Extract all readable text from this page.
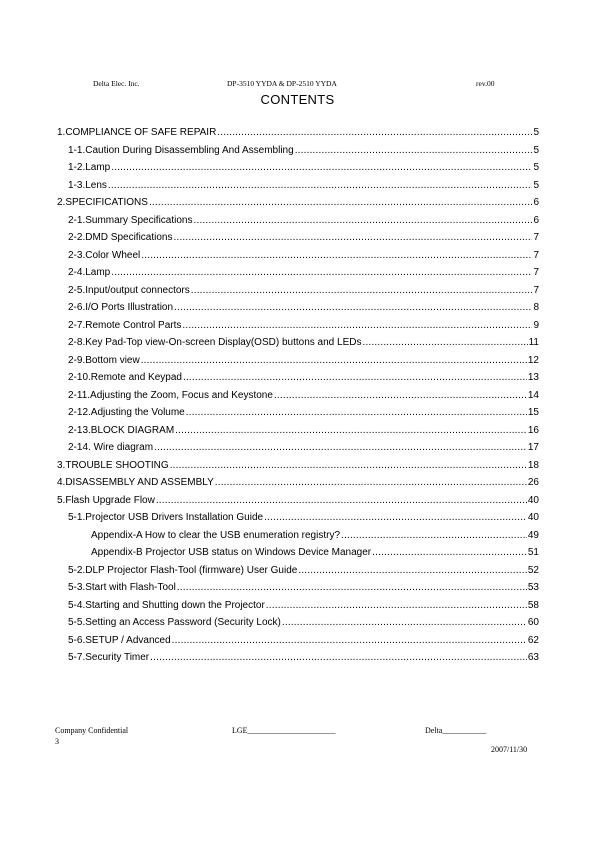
Delta Elec. Inc.	DP-3510 YYDA & DP-2510 YYDA	rev.00
CONTENTS
1.COMPLIANCE OF SAFE REPAIR .....	5
1-1.Caution During Disassembling And Assembling .....	5
1-2.Lamp .....	5
1-3.Lens .....	5
2.SPECIFICATIONS .....	6
2-1.Summary Specifications .....	6
2-2.DMD Specifications .....	7
2-3.Color Wheel .....	7
2-4.Lamp .....	7
2-5.Input/output connectors .....	7
2-6.I/O Ports Illustration .....	8
2-7.Remote Control Parts .....	9
2-8.Key Pad-Top view-On-screen Display(OSD) buttons and LEDs .....	11
2-9.Bottom view .....	12
2-10.Remote and Keypad .....	13
2-11.Adjusting the Zoom, Focus and Keystone .....	14
2-12.Adjusting the Volume .....	15
2-13.BLOCK DIAGRAM .....	16
2-14. Wire diagram .....	17
3.TROUBLE SHOOTING .....	18
4.DISASSEMBLY AND ASSEMBLY .....	26
5.Flash Upgrade Flow .....	40
5-1.Projector USB Drivers Installation Guide .....	40
Appendix-A How to clear the USB enumeration registry? .....	49
Appendix-B Projector USB status on Windows Device Manager .....	51
5-2.DLP Projector Flash-Tool (firmware) User Guide .....	52
5-3.Start with Flash-Tool .....	53
5-4.Starting and Shutting down the Projector .....	58
5-5.Setting an Access Password (Security Lock) .....	60
5-6.SETUP / Advanced .....	62
5-7.Security Timer .....	63
Company Confidential	LGE______________________	Delta___________
3
2007/11/30
